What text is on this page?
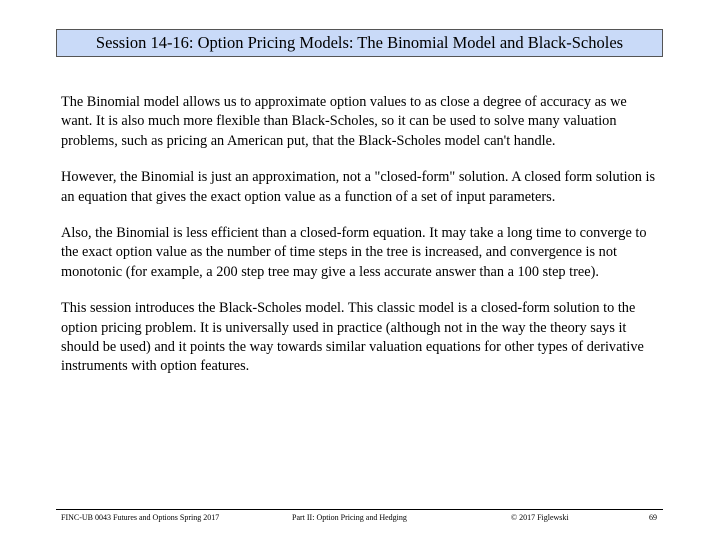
Session 14-16: Option Pricing Models: The Binomial Model and Black-Scholes

The Binomial model allows us to approximate option values to as close a degree of accuracy as we want. It is also much more flexible than Black-Scholes, so it can be used to solve many valuation problems, such as pricing an American put, that the Black-Scholes model can't handle.

However, the Binomial is just an approximation, not a "closed-form" solution. A closed form solution is an equation that gives the exact option value as a function of a set of input parameters.

Also, the Binomial is less efficient than a closed-form equation. It may take a long time to converge to the exact option value as the number of time steps in the tree is increased, and convergence is not monotonic (for example, a 200 step tree may give a less accurate answer than a 100 step tree).

This session introduces the Black-Scholes model. This classic model is a closed-form solution to the option pricing problem. It is universally used in practice (although not in the way the theory says it should be used) and it points the way towards similar valuation equations for other types of derivative instruments with option features.

FINC-UB 0043 Futures and Options Spring 2017	Part II: Option Pricing and Hedging	© 2017 Figlewski	69
